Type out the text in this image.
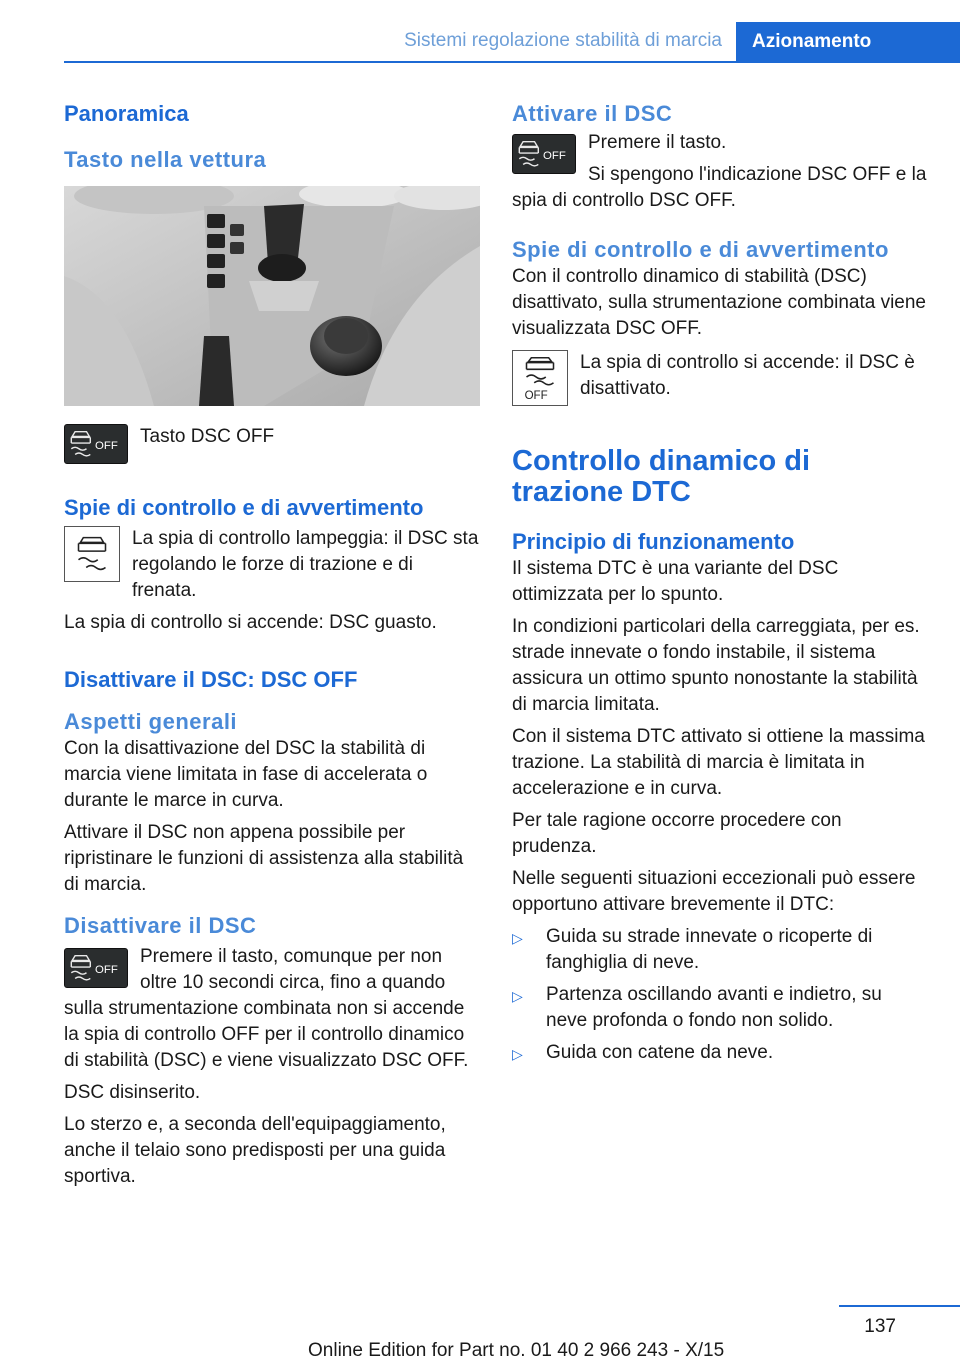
Sistemi regolazione stabilità di marcia	Azionamento
Panoramica
Tasto nella vettura
OFF	Tasto DSC OFF

Spie di controllo e di avvertimento

La spia di controllo lampeggia: il DSC sta regolando le forze di trazione e di frenata.

La spia di controllo si accende: DSC guasto.

Disattivare il DSC: DSC OFF
Aspetti generali

Con la disattivazione del DSC la stabilità di marcia viene limitata in fase di accelerata o durante le marce in curva.

Attivare il DSC non appena possibile per ripristinare le funzioni di assistenza alla stabilità di marcia.

Disattivare il DSC
OFF

Premere il tasto, comunque per non oltre 10 secondi circa, fino a quando sulla strumentazione combinata non si accende la spia di controllo OFF per il controllo dinamico di stabilità (DSC) e viene visualizzato DSC OFF.

DSC disinserito.

Lo sterzo e, a seconda dell'equipaggiamento, anche il telaio sono predisposti per una guida sportiva.

Attivare il DSC
OFF

Premere il tasto.

Si spengono l'indicazione DSC OFF e la spia di controllo DSC OFF.

Spie di controllo e di avvertimento

Con il controllo dinamico di stabilità (DSC) disattivato, sulla strumentazione combinata viene visualizzata DSC OFF.

OFF

La spia di controllo si accende: il DSC è disattivato.

Controllo dinamico di trazione DTC
Principio di funzionamento

Il sistema DTC è una variante del DSC ottimizzata per lo spunto.

In condizioni particolari della carreggiata, per es. strade innevate o fondo instabile, il sistema assicura un ottimo spunto nonostante la stabilità di marcia limitata.

Con il sistema DTC attivato si ottiene la massima trazione. La stabilità di marcia è limitata in accelerazione e in curva.

Per tale ragione occorre procedere con prudenza.

Nelle seguenti situazioni eccezionali può essere opportuno attivare brevemente il DTC:

▷ Guida su strade innevate o ricoperte di fanghiglia di neve.
▷ Partenza oscillando avanti e indietro, su neve profonda o fondo non solido.
▷ Guida con catene da neve.
137
Online Edition for Part no. 01 40 2 966 243 - X/15
